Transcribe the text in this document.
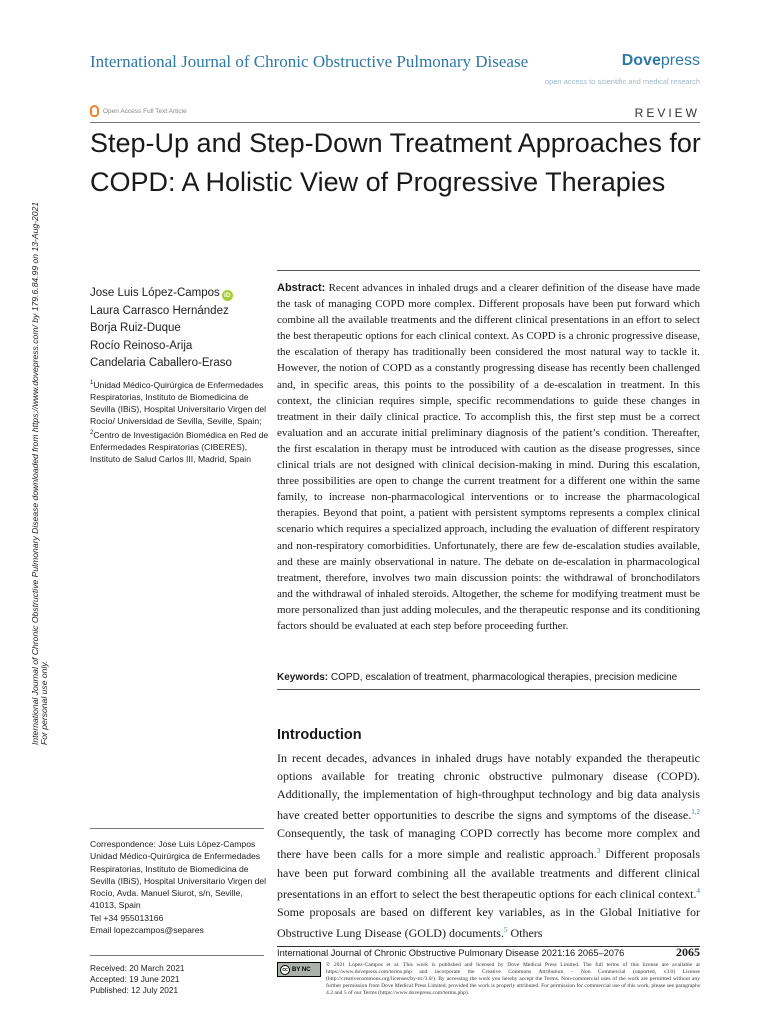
International Journal of Chronic Obstructive Pulmonary Disease downloaded from https://www.dovepress.com/ by 179.6.84.99 on 13-Aug-2021 For personal use only.
International Journal of Chronic Obstructive Pulmonary Disease	Dovepress
open access to scientific and medical research
Open Access Full Text Article	REVIEW
Step-Up and Step-Down Treatment Approaches for COPD: A Holistic View of Progressive Therapies
Jose Luis López-Campos iD
Laura Carrasco Hernández
Borja Ruiz-Duque
Rocío Reinoso-Arija
Candelaria Caballero-Eraso
$^1$Unidad Médico-Quirúrgica de Enfermedades Respiratorias, Instituto de Biomedicina de Sevilla (IBiS), Hospital Universitario Virgen del Rocío/ Universidad de Sevilla, Seville, Spain; $^2$Centro de Investigación Biomédica en Red de Enfermedades Respiratorias (CIBERES), Instituto de Salud Carlos III, Madrid, Spain
Abstract: Recent advances in inhaled drugs and a clearer definition of the disease have made the task of managing COPD more complex. Different proposals have been put forward which combine all the available treatments and the different clinical presentations in an effort to select the best therapeutic options for each clinical context. As COPD is a chronic progressive disease, the escalation of therapy has traditionally been considered the most natural way to tackle it. However, the notion of COPD as a constantly progressing disease has recently been challenged and, in specific areas, this points to the possibility of a de-escalation in treatment. In this context, the clinician requires simple, specific recommendations to guide these changes in treatment in their daily clinical practice. To accomplish this, the first step must be a correct evaluation and an accurate initial preliminary diagnosis of the patient’s condition. Thereafter, the first escalation in therapy must be introduced with caution as the disease progresses, since clinical trials are not designed with clinical decision-making in mind. During this escalation, three possibilities are open to change the current treatment for a different one within the same family, to increase non-pharmacological interventions or to increase the pharmacological therapies. Beyond that point, a patient with persistent symptoms represents a complex clinical scenario which requires a specialized approach, including the evaluation of different respiratory and non-respiratory comorbidities. Unfortunately, there are few de-escalation studies available, and these are mainly observational in nature. The debate on de-escalation in pharmacological treatment, therefore, involves two main discussion points: the withdrawal of bronchodilators and the withdrawal of inhaled steroids. Altogether, the scheme for modifying treatment must be more personalized than just adding molecules, and the therapeutic response and its conditioning factors should be evaluated at each step before proceeding further.
Keywords: COPD, escalation of treatment, pharmacological therapies, precision medicine
Introduction
In recent decades, advances in inhaled drugs have notably expanded the therapeutic options available for treating chronic obstructive pulmonary disease (COPD). Additionally, the implementation of high-throughput technology and big data analysis have created better opportunities to describe the signs and symptoms of the disease.$^{1,2}$ Consequently, the task of managing COPD correctly has become more complex and there have been calls for a more simple and realistic approach.$^3$ Different proposals have been put forward combining all the available treatments and different clinical presentations in an effort to select the best therapeutic options for each clinical context.$^4$ Some proposals are based on different key variables, as in the Global Initiative for Obstructive Lung Disease (GOLD) documents.$^5$ Others
Correspondence: Jose Luis López-Campos
Unidad Médico-Quirúrgica de Enfermedades Respiratorias, Instituto de Biomedicina de Sevilla (IBiS), Hospital Universitario Virgen del Rocío, Avda. Manuel Siurot, s/n, Seville, 41013, Spain
Tel +34 955013166
Email lopezcampos@separes
Received: 20 March 2021
Accepted: 19 June 2021
Published: 12 July 2021
International Journal of Chronic Obstructive Pulmonary Disease 2021:16 2065–2076	2065
cc BY NC
© 2021 López-Campos et al. This work is published and licensed by Dove Medical Press Limited. The full terms of this license are available at https://www.dovepress.com/terms.php and incorporate the Creative Commons Attribution – Non Commercial (unported, v3.0) License (http://creativecommons.org/licenses/by-nc/3.0/). By accessing the work you hereby accept the Terms. Non-commercial uses of the work are permitted without any further permission from Dove Medical Press Limited, provided the work is properly attributed. For permission for commercial use of this work, please see paragraphs 4.2 and 5 of our Terms (https://www.dovepress.com/terms.php).
